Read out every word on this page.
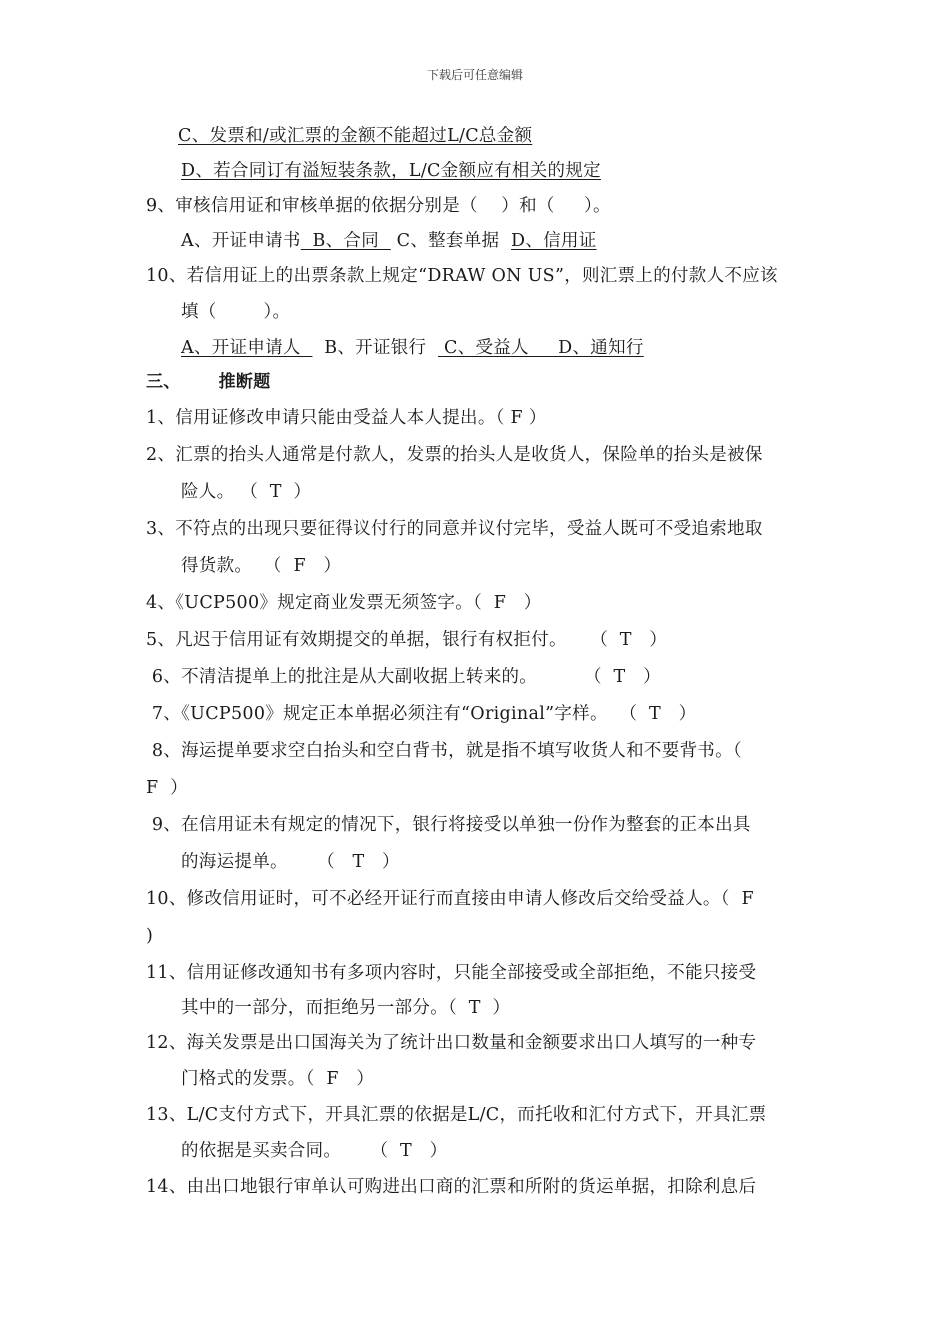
下载后可任意编辑
C、发票和/或汇票的金额不能超过L/C总金额
D、若合同订有溢短装条款，L/C金额应有相关的规定
9、审核信用证和审核单据的依据分别是（    ）和（     ）。
A、开证申请书  B、合同   C、整套单据  D、信用证
10、若信用证上的出票条款上规定“DRAW ON US”，则汇票上的付款人不应该
填（        ）。
A、开证申请人    B、开证银行   C、受益人     D、通知行
三、 推断题
1、信用证修改申请只能由受益人本人提出。（ F ）
2、汇票的抬头人通常是付款人，发票的抬头人是收货人，保险单的抬头是被保
险人。 （  T  ）
3、不符点的出现只要征得议付行的同意并议付完毕，受益人既可不受追索地取
得货款。  （  F   ）
4、《UCP500》规定商业发票无须签字。（  F   ）
5、凡迟于信用证有效期提交的单据，银行有权拒付。    （  T   ）
6、不清洁提单上的批注是从大副收据上转来的。        （  T   ）
7、《UCP500》规定正本单据必须注有“Original”字样。  （  T   ）
8、海运提单要求空白抬头和空白背书，就是指不填写收货人和不要背书。（
F  ）
9、在信用证未有规定的情况下，银行将接受以单独一份作为整套的正本出具
的海运提单。     （   T   ）
10、修改信用证时，可不必经开证行而直接由申请人修改后交给受益人。（  F
)
11、信用证修改通知书有多项内容时，只能全部接受或全部拒绝，不能只接受
其中的一部分，而拒绝另一部分。（  T  ）
12、海关发票是出口国海关为了统计出口数量和金额要求出口人填写的一种专
门格式的发票。（  F   ）
13、L/C支付方式下，开具汇票的依据是L/C，而托收和汇付方式下，开具汇票
的依据是买卖合同。     （  T   ）
14、由出口地银行审单认可购进出口商的汇票和所附的货运单据，扣除利息后
